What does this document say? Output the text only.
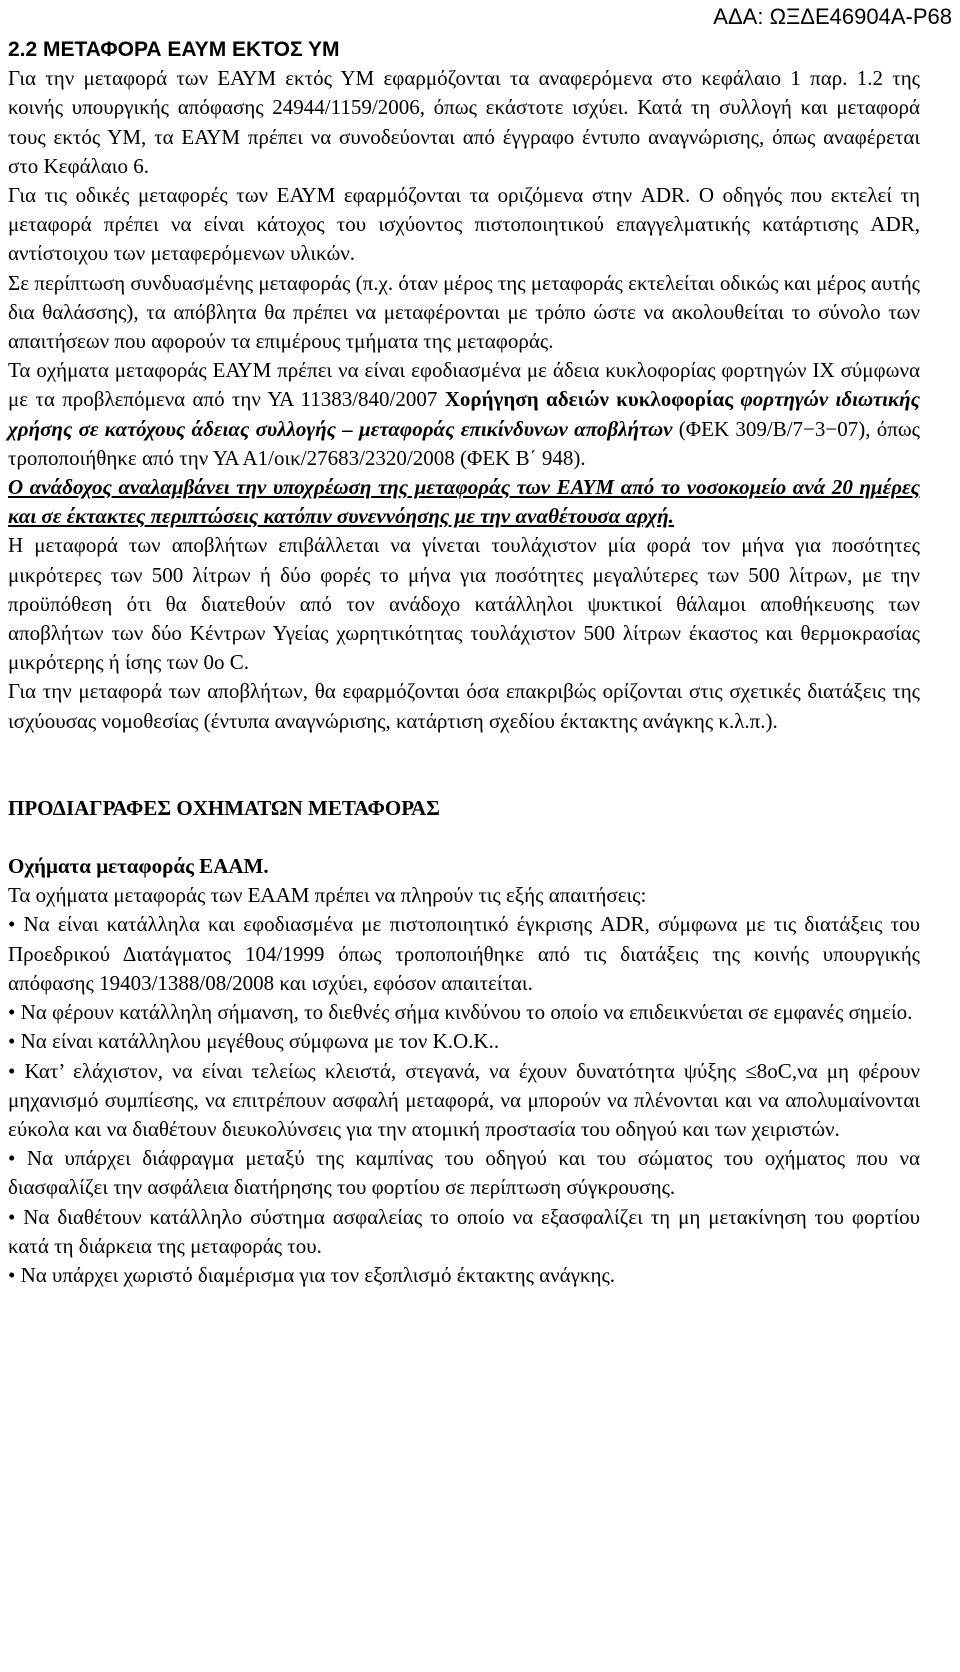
ΑΔΑ: ΩΞΔΕ46904Α-Ρ68

2.2 ΜΕΤΑΦΟΡΑ ΕΑΥΜ ΕΚΤΟΣ ΥΜ

Για την μεταφορά των ΕΑΥΜ εκτός ΥΜ εφαρμόζονται τα αναφερόμενα στο κεφάλαιο 1 παρ. 1.2 της κοινής υπουργικής απόφασης 24944/1159/2006, όπως εκάστοτε ισχύει. Κατά τη συλλογή και μεταφορά τους εκτός ΥΜ, τα ΕΑΥΜ πρέπει να συνοδεύονται από έγγραφο έντυπο αναγνώρισης, όπως αναφέρεται στο Κεφάλαιο 6.

Για τις οδικές μεταφορές των ΕΑΥΜ εφαρμόζονται τα οριζόμενα στην ADR. Ο οδηγός που εκτελεί τη μεταφορά πρέπει να είναι κάτοχος του ισχύοντος πιστοποιητικού επαγγελματικής κατάρτισης ADR, αντίστοιχου των μεταφερόμενων υλικών.

Σε περίπτωση συνδυασμένης μεταφοράς (π.χ. όταν μέρος της μεταφοράς εκτελείται οδικώς και μέρος αυτής δια θαλάσσης), τα απόβλητα θα πρέπει να μεταφέρονται με τρόπο ώστε να ακολουθείται το σύνολο των απαιτήσεων που αφορούν τα επιμέρους τμήματα της μεταφοράς.

Τα οχήματα μεταφοράς ΕΑΥΜ πρέπει να είναι εφοδιασμένα με άδεια κυκλοφορίας φορτηγών ΙΧ σύμφωνα με τα προβλεπόμενα από την ΥΑ 11383/840/2007 Χορήγηση αδειών κυκλοφορίας φορτηγών ιδιωτικής χρήσης σε κατόχους άδειας συλλογής – μεταφοράς επικίνδυνων αποβλήτων (ΦΕΚ 309/Β/7−3−07), όπως τροποποιήθηκε από την ΥΑ Α1/οικ/27683/2320/2008 (ΦΕΚ Β΄ 948).

Ο ανάδοχος αναλαμβάνει την υποχρέωση της μεταφοράς των ΕΑΥΜ από το νοσοκομείο ανά 20 ημέρες και σε έκτακτες περιπτώσεις κατόπιν συνεννόησης με την αναθέτουσα αρχή.

Η μεταφορά των αποβλήτων επιβάλλεται να γίνεται τουλάχιστον μία φορά τον μήνα για ποσότητες μικρότερες των 500 λίτρων ή δύο φορές το μήνα για ποσότητες μεγαλύτερες των 500 λίτρων, με την προϋπόθεση ότι θα διατεθούν από τον ανάδοχο κατάλληλοι ψυκτικοί θάλαμοι αποθήκευσης των αποβλήτων των δύο Κέντρων Υγείας χωρητικότητας τουλάχιστον 500 λίτρων έκαστος και θερμοκρασίας μικρότερης ή ίσης των 0ο C.

Για την μεταφορά των αποβλήτων, θα εφαρμόζονται όσα επακριβώς ορίζονται στις σχετικές διατάξεις της ισχύουσας νομοθεσίας (έντυπα αναγνώρισης, κατάρτιση σχεδίου έκτακτης ανάγκης κ.λ.π.).

ΠΡΟΔΙΑΓΡΑΦΕΣ ΟΧΗΜΑΤΩΝ ΜΕΤΑΦΟΡΑΣ

Οχήματα μεταφοράς ΕΑΑΜ.

Τα οχήματα μεταφοράς των ΕΑΑΜ πρέπει να πληρούν τις εξής απαιτήσεις:

• Να είναι κατάλληλα και εφοδιασμένα με πιστοποιητικό έγκρισης ADR, σύμφωνα με τις διατάξεις του Προεδρικού Διατάγματος 104/1999 όπως τροποποιήθηκε από τις διατάξεις της κοινής υπουργικής απόφασης 19403/1388/08/2008 και ισχύει, εφόσον απαιτείται.

• Να φέρουν κατάλληλη σήμανση, το διεθνές σήμα κινδύνου το οποίο να επιδεικνύεται σε εμφανές σημείο.

• Να είναι κατάλληλου μεγέθους σύμφωνα με τον Κ.Ο.Κ..

• Κατ’ ελάχιστον, να είναι τελείως κλειστά, στεγανά, να έχουν δυνατότητα ψύξης ≤8oC,να μη φέρουν μηχανισμό συμπίεσης, να επιτρέπουν ασφαλή μεταφορά, να μπορούν να πλένονται και να απολυμαίνονται εύκολα και να διαθέτουν διευκολύνσεις για την ατομική προστασία του οδηγού και των χειριστών.

• Να υπάρχει διάφραγμα μεταξύ της καμπίνας του οδηγού και του σώματος του οχήματος που να διασφαλίζει την ασφάλεια διατήρησης του φορτίου σε περίπτωση σύγκρουσης.

• Να διαθέτουν κατάλληλο σύστημα ασφαλείας το οποίο να εξασφαλίζει τη μη μετακίνηση του φορτίου κατά τη διάρκεια της μεταφοράς του.

• Να υπάρχει χωριστό διαμέρισμα για τον εξοπλισμό έκτακτης ανάγκης.
